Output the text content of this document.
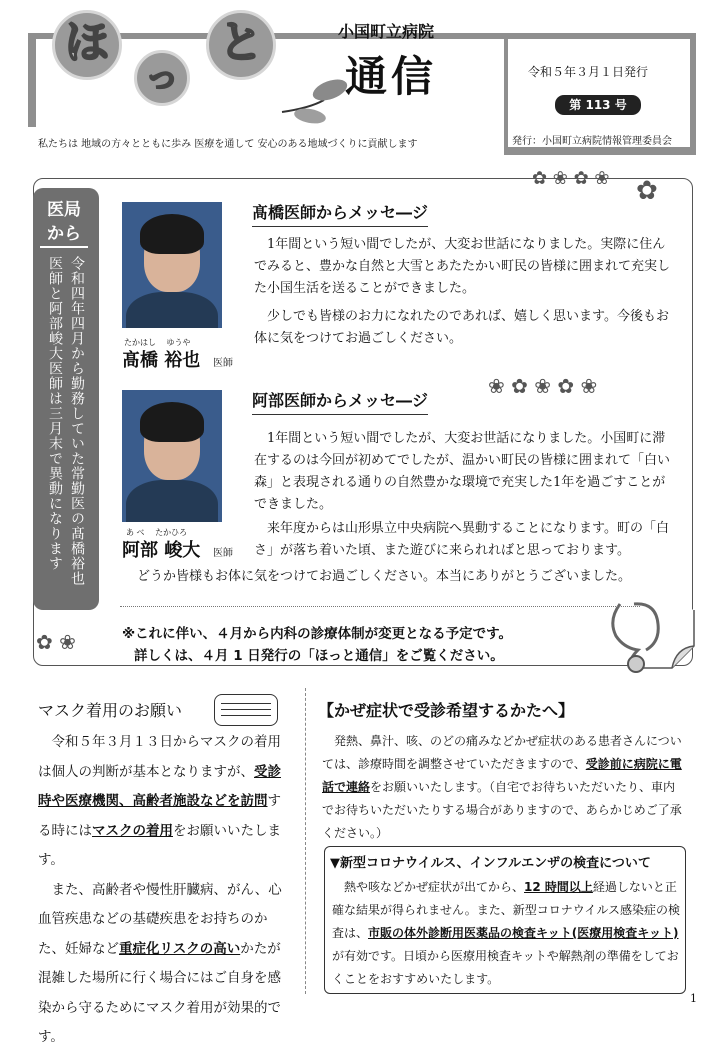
ほ
っ
と	小国町立病院
通信
私たちは 地域の方々とともに歩み 医療を通して 安心のある地域づくりに貢献します
令和５年３月１日発行
第 113 号
発行：小国町立病院情報管理委員会
医局
から
令和四年四月から勤務していた常勤医の髙橋裕也医師と阿部峻大医師は三月末で異動になります	たかはし　 ゆうや
髙橋 裕也 医師
髙橋医師からメッセ―ジ
1年間という短い間でしたが、大変お世話になりました。実際に住んでみると、豊かな自然と大雪とあたたかい町民の皆様に囲まれて充実した小国生活を送ることができました。
少しでも皆様のお力になれたのであれば、嬉しく思います。今後もお体に気をつけてお過ごしください。
あ べ　 たかひろ
阿部 峻大 医師
阿部医師からメッセ―ジ
1年間という短い間でしたが、大変お世話になりました。小国町に滞在するのは今回が初めてでしたが、温かい町民の皆様に囲まれて「白い森」と表現される通りの自然豊かな環境で充実した1年を過ごすことができました。
来年度からは山形県立中央病院へ異動することになります。町の「白さ」が落ち着いた頃、また遊びに来られればと思っております。
どうか皆様もお体に気をつけてお過ごしください。本当にありがとうございました。
✿ ❀ ✿ ❀ ✿
❀ ✿ ❀ ✿ ❀
✿ ❀	※これに伴い、４月から内科の診療体制が変更となる予定です。
詳しくは、４月 1 日発行の「ほっと通信」をご覧ください。
マスク着用のお願い

令和５年３月１３日からマスクの着用は個人の判断が基本となりますが、受診時や医療機関、高齢者施設などを訪問する時にはマスクの着用をお願いいたします。

また、高齢者や慢性肝臓病、がん、心血管疾患などの基礎疾患をお持ちのかた、妊婦など重症化リスクの高いかたが混雑した場所に行く場合にはご自身を感染から守るためにマスク着用が効果的です。

【かぜ症状で受診希望するかたへ】
発熱、鼻汁、咳、のどの痛みなどかぜ症状のある患者さんについては、診療時間を調整させていただきますので、受診前に病院に電話で連絡をお願いいたします。（自宅でお待ちいただいたり、車内でお待ちいただいたりする場合がありますので、あらかじめご了承ください。）
▼新型コロナウイルス、インフルエンザの検査について
熱や咳などかぜ症状が出てから、12 時間以上経過しないと正確な結果が得られません。また、新型コロナウイルス感染症の検査は、市販の体外診断用医薬品の検査キット(医療用検査キット)が有効です。日頃から医療用検査キットや解熱剤の準備をしておくことをおすすめいたします。
1
